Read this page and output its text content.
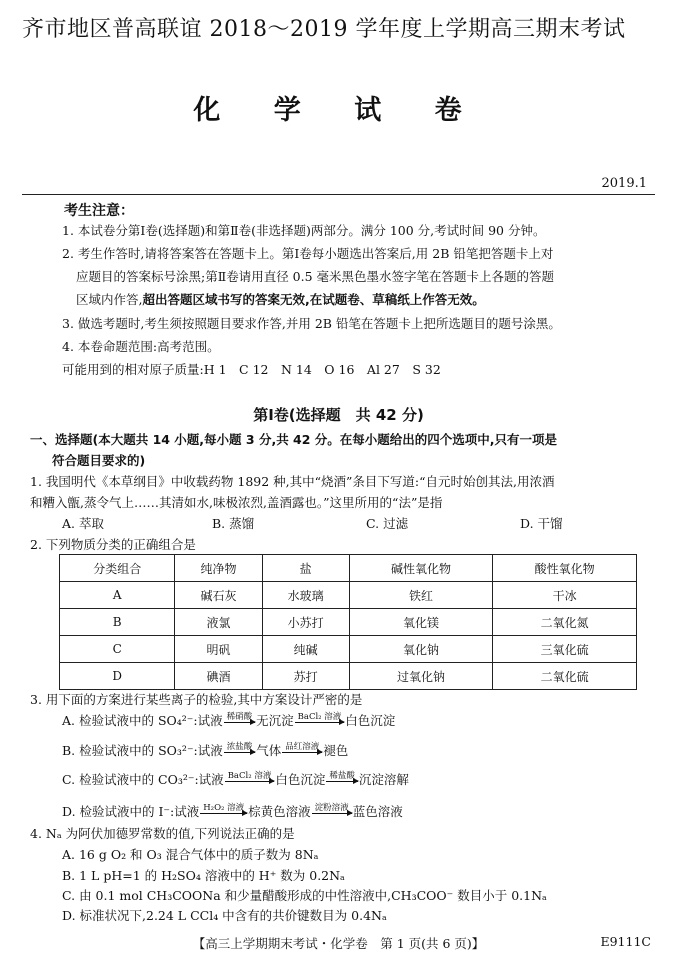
齐市地区普高联谊 2018～2019 学年度上学期高三期末考试
化 学 试 卷
2019.1
考生注意：
1. 本试卷分第Ⅰ卷(选择题)和第Ⅱ卷(非选择题)两部分。满分 100 分,考试时间 90 分钟。
2. 考生作答时,请将答案答在答题卡上。第Ⅰ卷每小题选出答案后,用 2B 铅笔把答题卡上对
应题目的答案标号涂黑;第Ⅱ卷请用直径 0.5 毫米黑色墨水签字笔在答题卡上各题的答题
区域内作答,超出答题区域书写的答案无效,在试题卷、草稿纸上作答无效。
3. 做选考题时,考生须按照题目要求作答,并用 2B 铅笔在答题卡上把所选题目的题号涂黑。
4. 本卷命题范围:高考范围。
可能用到的相对原子质量:H 1　C 12　N 14　O 16　Al 27　S 32
第Ⅰ卷(选择题　共 42 分)
一、选择题(本大题共 14 小题,每小题 3 分,共 42 分。在每小题给出的四个选项中,只有一项是
符合题目要求的)
1. 我国明代《本草纲目》中收载药物 1892 种,其中“烧酒”条目下写道:“自元时始创其法,用浓酒
和糟入甑,蒸令气上……其清如水,味极浓烈,盖酒露也。”这里所用的“法”是指
A. 萃取	B. 蒸馏	C. 过滤	D. 干馏
2. 下列物质分类的正确组合是
分类组合	纯净物	盐	碱性氧化物	酸性氧化物
A	碱石灰	水玻璃	铁红	干冰
B	液氯	小苏打	氧化镁	二氧化氮
C	明矾	纯碱	氧化钠	三氧化硫
D	碘酒	苏打	过氧化钠	二氧化硫
3. 用下面的方案进行某些离子的检验,其中方案设计严密的是
A. 检验试液中的 SO₄²⁻:试液 稀硝酸 无沉淀 BaCl₂ 溶液 白色沉淀
B. 检验试液中的 SO₃²⁻:试液 浓盐酸 气体 品红溶液 褪色
C. 检验试液中的 CO₃²⁻:试液 BaCl₂ 溶液 白色沉淀 稀盐酸 沉淀溶解
D. 检验试液中的 I⁻:试液 H₂O₂ 溶液 棕黄色溶液 淀粉溶液 蓝色溶液
4. Nₐ 为阿伏加德罗常数的值,下列说法正确的是
A. 16 g O₂ 和 O₃ 混合气体中的质子数为 8Nₐ
B. 1 L pH=1 的 H₂SO₄ 溶液中的 H⁺ 数为 0.2Nₐ
C. 由 0.1 mol CH₃COONa 和少量醋酸形成的中性溶液中,CH₃COO⁻ 数目小于 0.1Nₐ
D. 标准状况下,2.24 L CCl₄ 中含有的共价键数目为 0.4Nₐ
【高三上学期期末考试・化学卷　第 1 页(共 6 页)】	E9111C
